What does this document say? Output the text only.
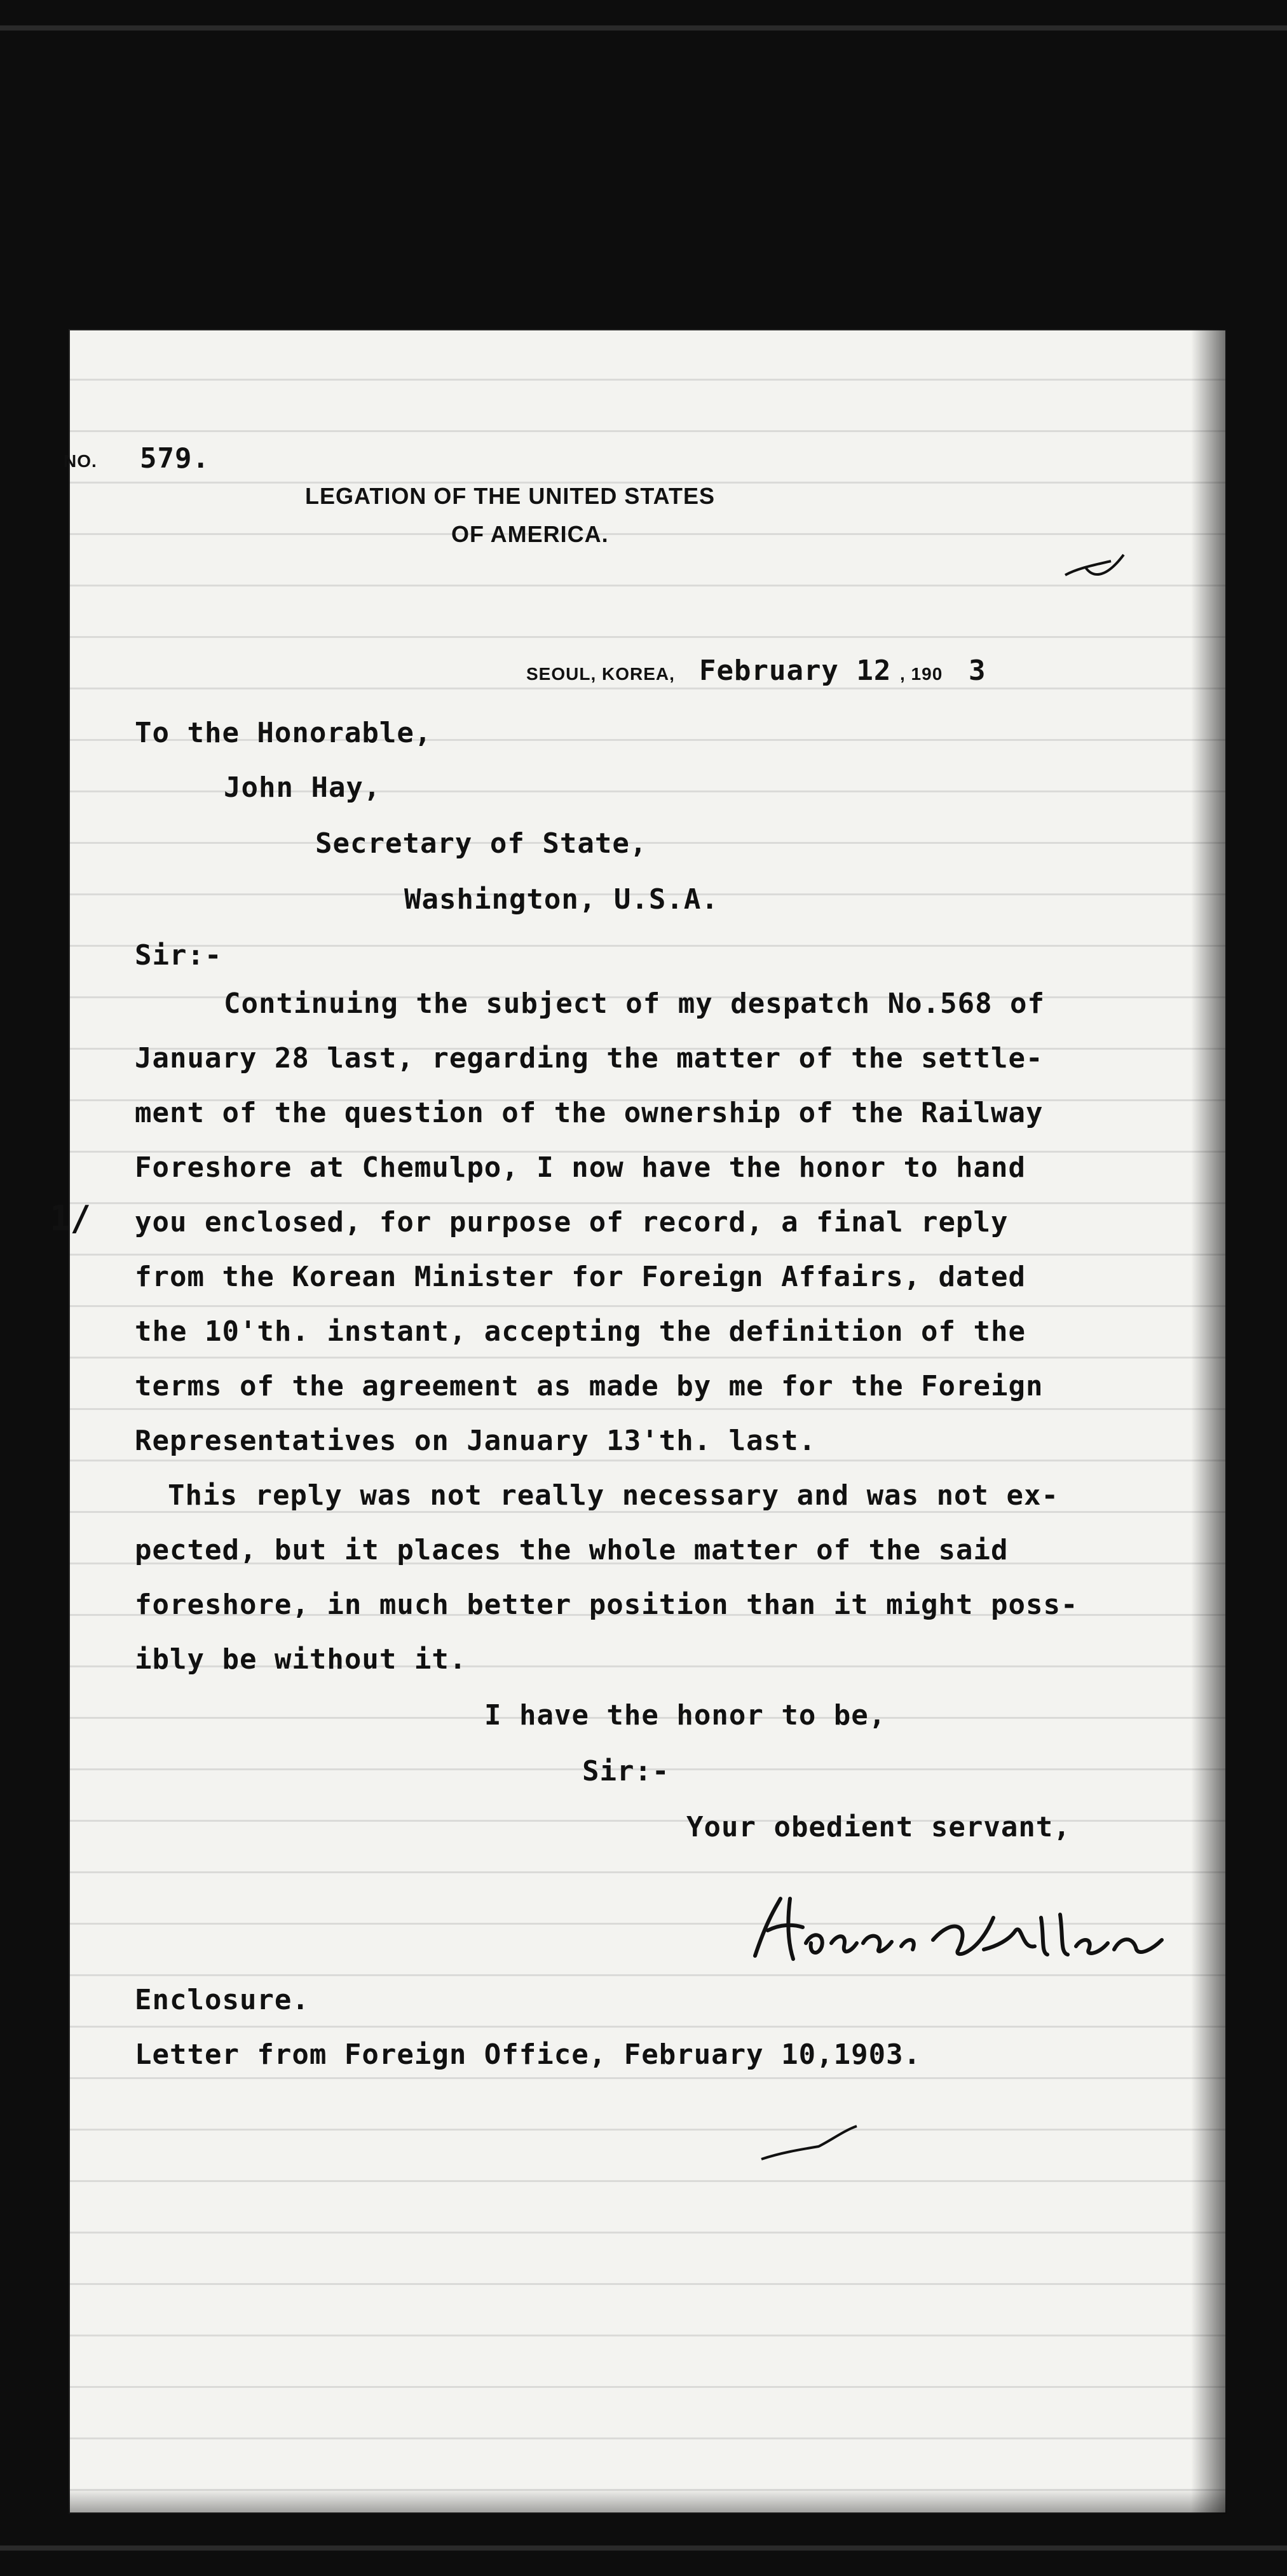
NO. 579.

LEGATION OF THE UNITED STATES

OF AMERICA.

SEOUL, KOREA, February 12 , 190 3

To the Honorable,

John Hay,

Secretary of State,

Washington, U.S.A.

Sir:-

Continuing the subject of my despatch No.568 of

January 28 last, regarding the matter of the settle-

ment of the question of the ownership of the Railway

Foreshore at Chemulpo, I now have the honor to hand

you enclosed, for purpose of record, a final reply

from the Korean Minister for Foreign Affairs, dated

the 10'th. instant, accepting the definition of the

terms of the agreement as made by me for the Foreign

Representatives on January 13'th. last.

This reply was not really necessary and was not ex-

pected, but it places the whole matter of the said

foreshore, in much better position than it might poss-

ibly be without it.

I have the honor to be,

Sir:-

Your obedient servant,

Enclosure.

Letter from Foreign Office, February 10,1903.

1/
